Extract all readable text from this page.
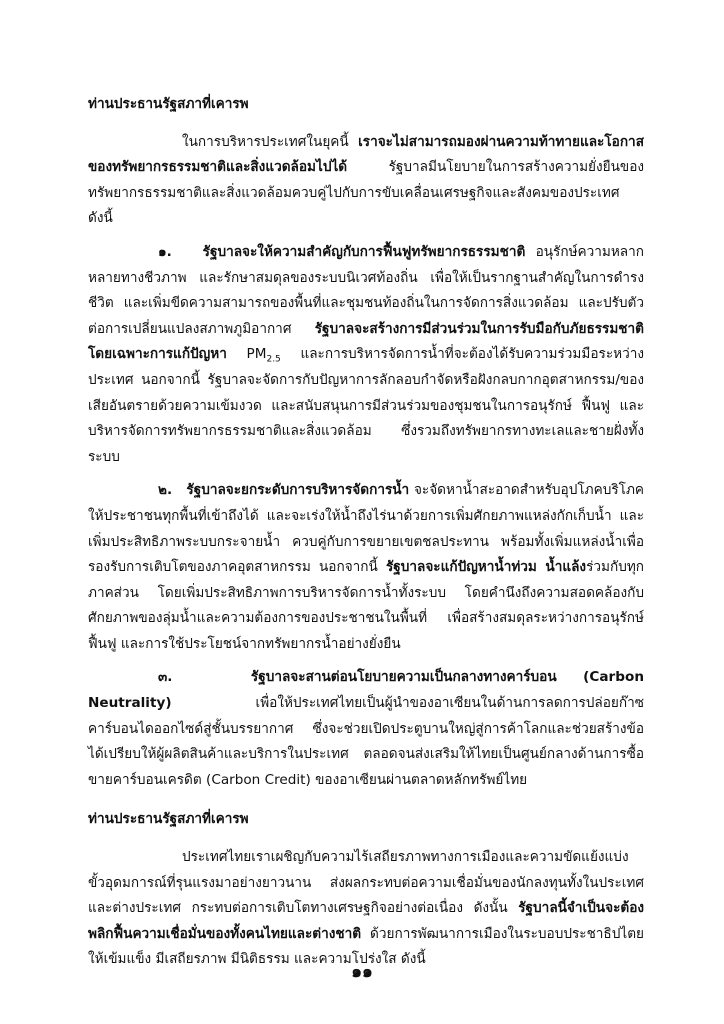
ท่านประธานรัฐสภาที่เคารพ

ในการบริหารประเทศในยุคนี้ เราจะไม่สามารถมองผ่านความท้าทายและโอกาสของทรัพยากรธรรมชาติและสิ่งแวดล้อมไปได้ รัฐบาลมีนโยบายในการสร้างความยั่งยืนของทรัพยากรธรรมชาติและสิ่งแวดล้อมควบคู่ไปกับการขับเคลื่อนเศรษฐกิจและสังคมของประเทศ ดังนี้

๑. รัฐบาลจะให้ความสำคัญกับการฟื้นฟูทรัพยากรธรรมชาติ อนุรักษ์ความหลากหลายทางชีวภาพ และรักษาสมดุลของระบบนิเวศท้องถิ่น เพื่อให้เป็นรากฐานสำคัญในการดำรงชีวิต และเพิ่มขีดความสามารถของพื้นที่และชุมชนท้องถิ่นในการจัดการสิ่งแวดล้อม และปรับตัวต่อการเปลี่ยนแปลงสภาพภูมิอากาศ รัฐบาลจะสร้างการมีส่วนร่วมในการรับมือกับภัยธรรมชาติ โดยเฉพาะการแก้ปัญหา $PM_{2.5}$ และการบริหารจัดการน้ำที่จะต้องได้รับความร่วมมือระหว่างประเทศ นอกจากนี้ รัฐบาลจะจัดการกับปัญหาการลักลอบกำจัดหรือฝังกลบกากอุตสาหกรรม/ของเสียอันตรายด้วยความเข้มงวด และสนับสนุนการมีส่วนร่วมของชุมชนในการอนุรักษ์ ฟื้นฟู และบริหารจัดการทรัพยากรธรรมชาติและสิ่งแวดล้อม ซึ่งรวมถึงทรัพยากรทางทะเลและชายฝั่งทั้งระบบ

๒. รัฐบาลจะยกระดับการบริหารจัดการน้ำ จะจัดหาน้ำสะอาดสำหรับอุปโภคบริโภคให้ประชาชนทุกพื้นที่เข้าถึงได้ และจะเร่งให้น้ำถึงไร่นาด้วยการเพิ่มศักยภาพแหล่งกักเก็บน้ำ และเพิ่มประสิทธิภาพระบบกระจายน้ำ ควบคู่กับการขยายเขตชลประทาน พร้อมทั้งเพิ่มแหล่งน้ำเพื่อรองรับการเติบโตของภาคอุตสาหกรรม นอกจากนี้ รัฐบาลจะแก้ปัญหาน้ำท่วม น้ำแล้งร่วมกับทุกภาคส่วน โดยเพิ่มประสิทธิภาพการบริหารจัดการน้ำทั้งระบบ โดยคำนึงถึงความสอดคล้องกับศักยภาพของลุ่มน้ำและความต้องการของประชาชนในพื้นที่ เพื่อสร้างสมดุลระหว่างการอนุรักษ์ ฟื้นฟู และการใช้ประโยชน์จากทรัพยากรน้ำอย่างยั่งยืน

๓.	รัฐบาลจะสานต่อนโยบายความเป็นกลางทางคาร์บอน (Carbon Neutrality) เพื่อให้ประเทศไทยเป็นผู้นำของอาเซียนในด้านการลดการปล่อยก๊าซคาร์บอนไดออกไซด์สู่ชั้นบรรยากาศ ซึ่งจะช่วยเปิดประตูบานใหญ่สู่การค้าโลกและช่วยสร้างข้อได้เปรียบให้ผู้ผลิตสินค้าและบริการในประเทศ ตลอดจนส่งเสริมให้ไทยเป็นศูนย์กลางด้านการซื้อขายคาร์บอนเครดิต (Carbon Credit) ของอาเซียนผ่านตลาดหลักทรัพย์ไทย

ท่านประธานรัฐสภาที่เคารพ

ประเทศไทยเราเผชิญกับความไร้เสถียรภาพทางการเมืองและความขัดแย้งแบ่งขั้วอุดมการณ์ที่รุนแรงมาอย่างยาวนาน ส่งผลกระทบต่อความเชื่อมั่นของนักลงทุนทั้งในประเทศและต่างประเทศ กระทบต่อการเติบโตทางเศรษฐกิจอย่างต่อเนื่อง ดังนั้น รัฐบาลนี้จำเป็นจะต้องพลิกฟื้นความเชื่อมั่นของทั้งคนไทยและต่างชาติ ด้วยการพัฒนาการเมืองในระบอบประชาธิปไตยให้เข้มแข็ง มีเสถียรภาพ มีนิติธรรม และความโปร่งใส ดังนี้

๑๑
